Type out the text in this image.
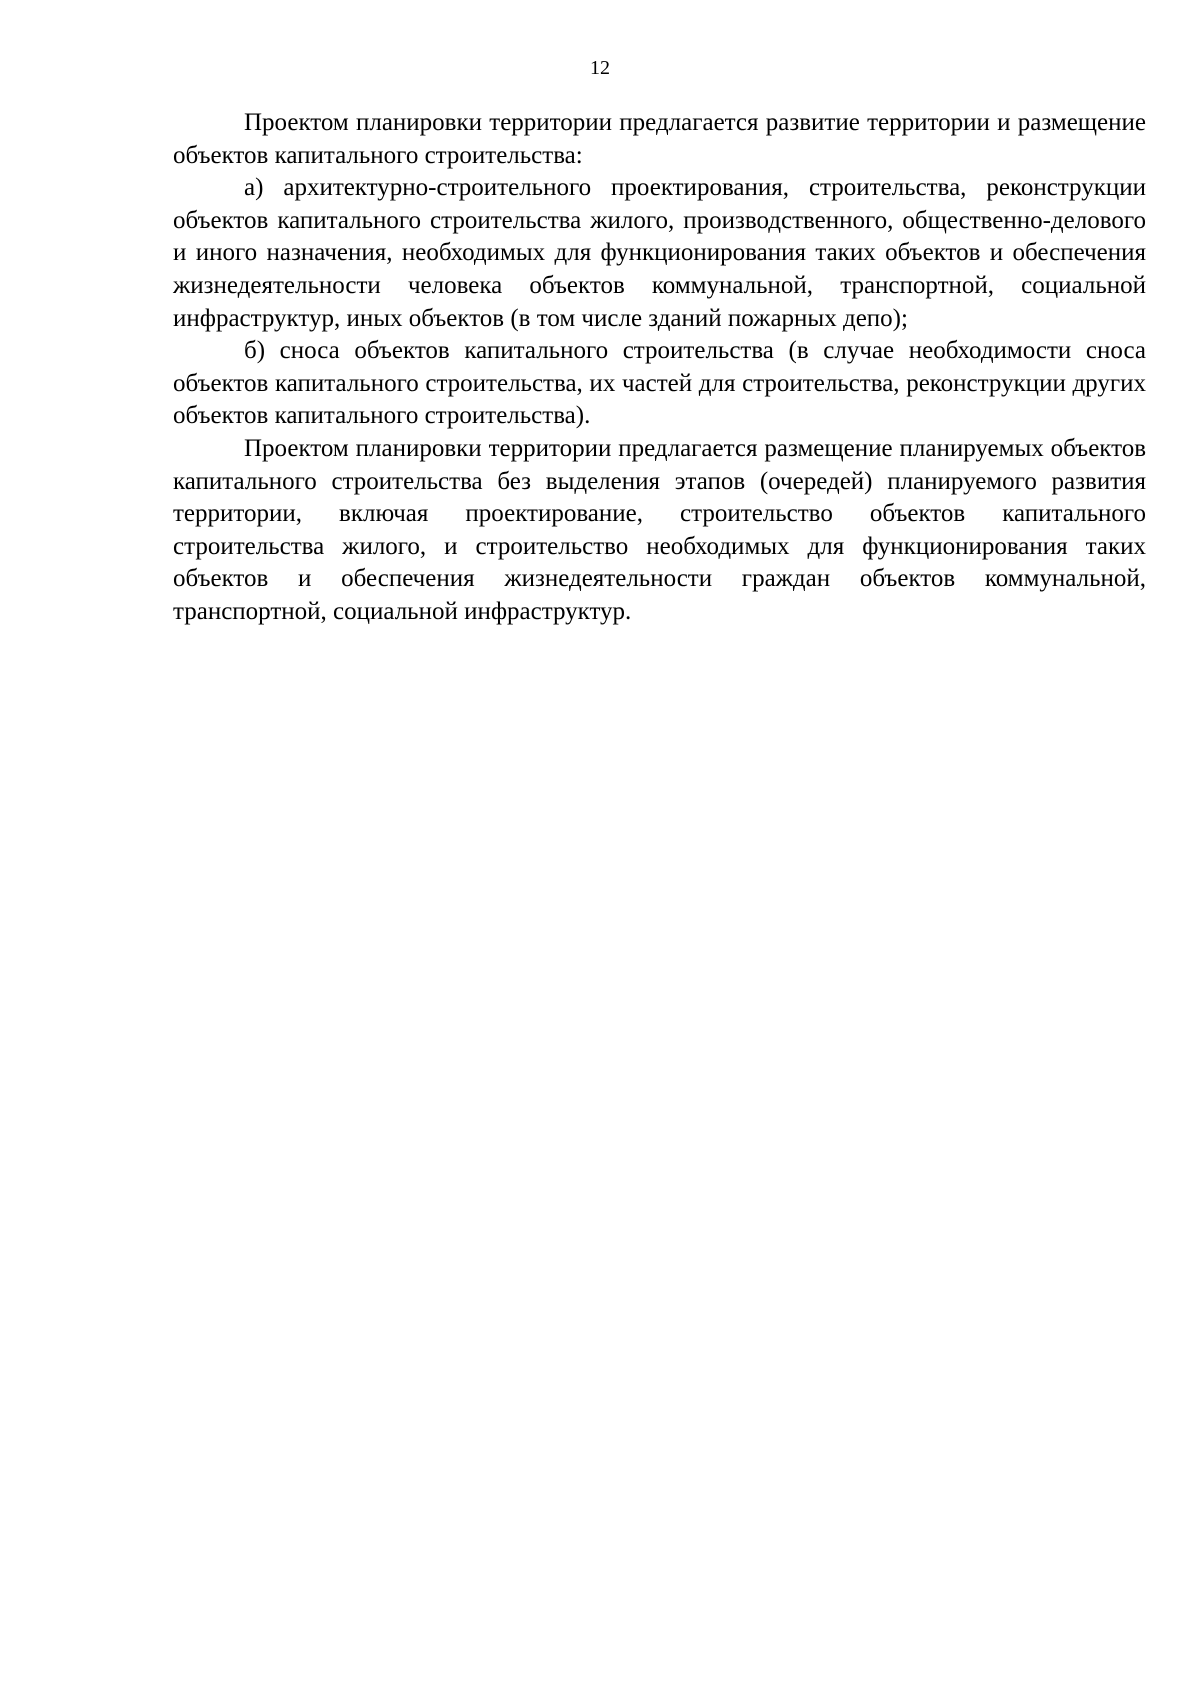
12

Проектом планировки территории предлагается развитие территории и размещение объектов капитального строительства:

а) архитектурно-строительного проектирования, строительства, реконструкции объектов капитального строительства жилого, производственного, общественно-делового и иного назначения, необходимых для функционирования таких объектов и обеспечения жизнедеятельности человека объектов коммунальной, транспортной, социальной инфраструктур, иных объектов (в том числе зданий пожарных депо);

б) сноса объектов капитального строительства (в случае необходимости сноса объектов капитального строительства, их частей для строительства, реконструкции других объектов капитального строительства).

Проектом планировки территории предлагается размещение планируемых объектов капитального строительства без выделения этапов (очередей) планируемого развития территории, включая проектирование, строительство объектов капитального строительства жилого, и строительство необходимых для функционирования таких объектов и обеспечения жизнедеятельности граждан объектов коммунальной, транспортной, социальной инфраструктур.
